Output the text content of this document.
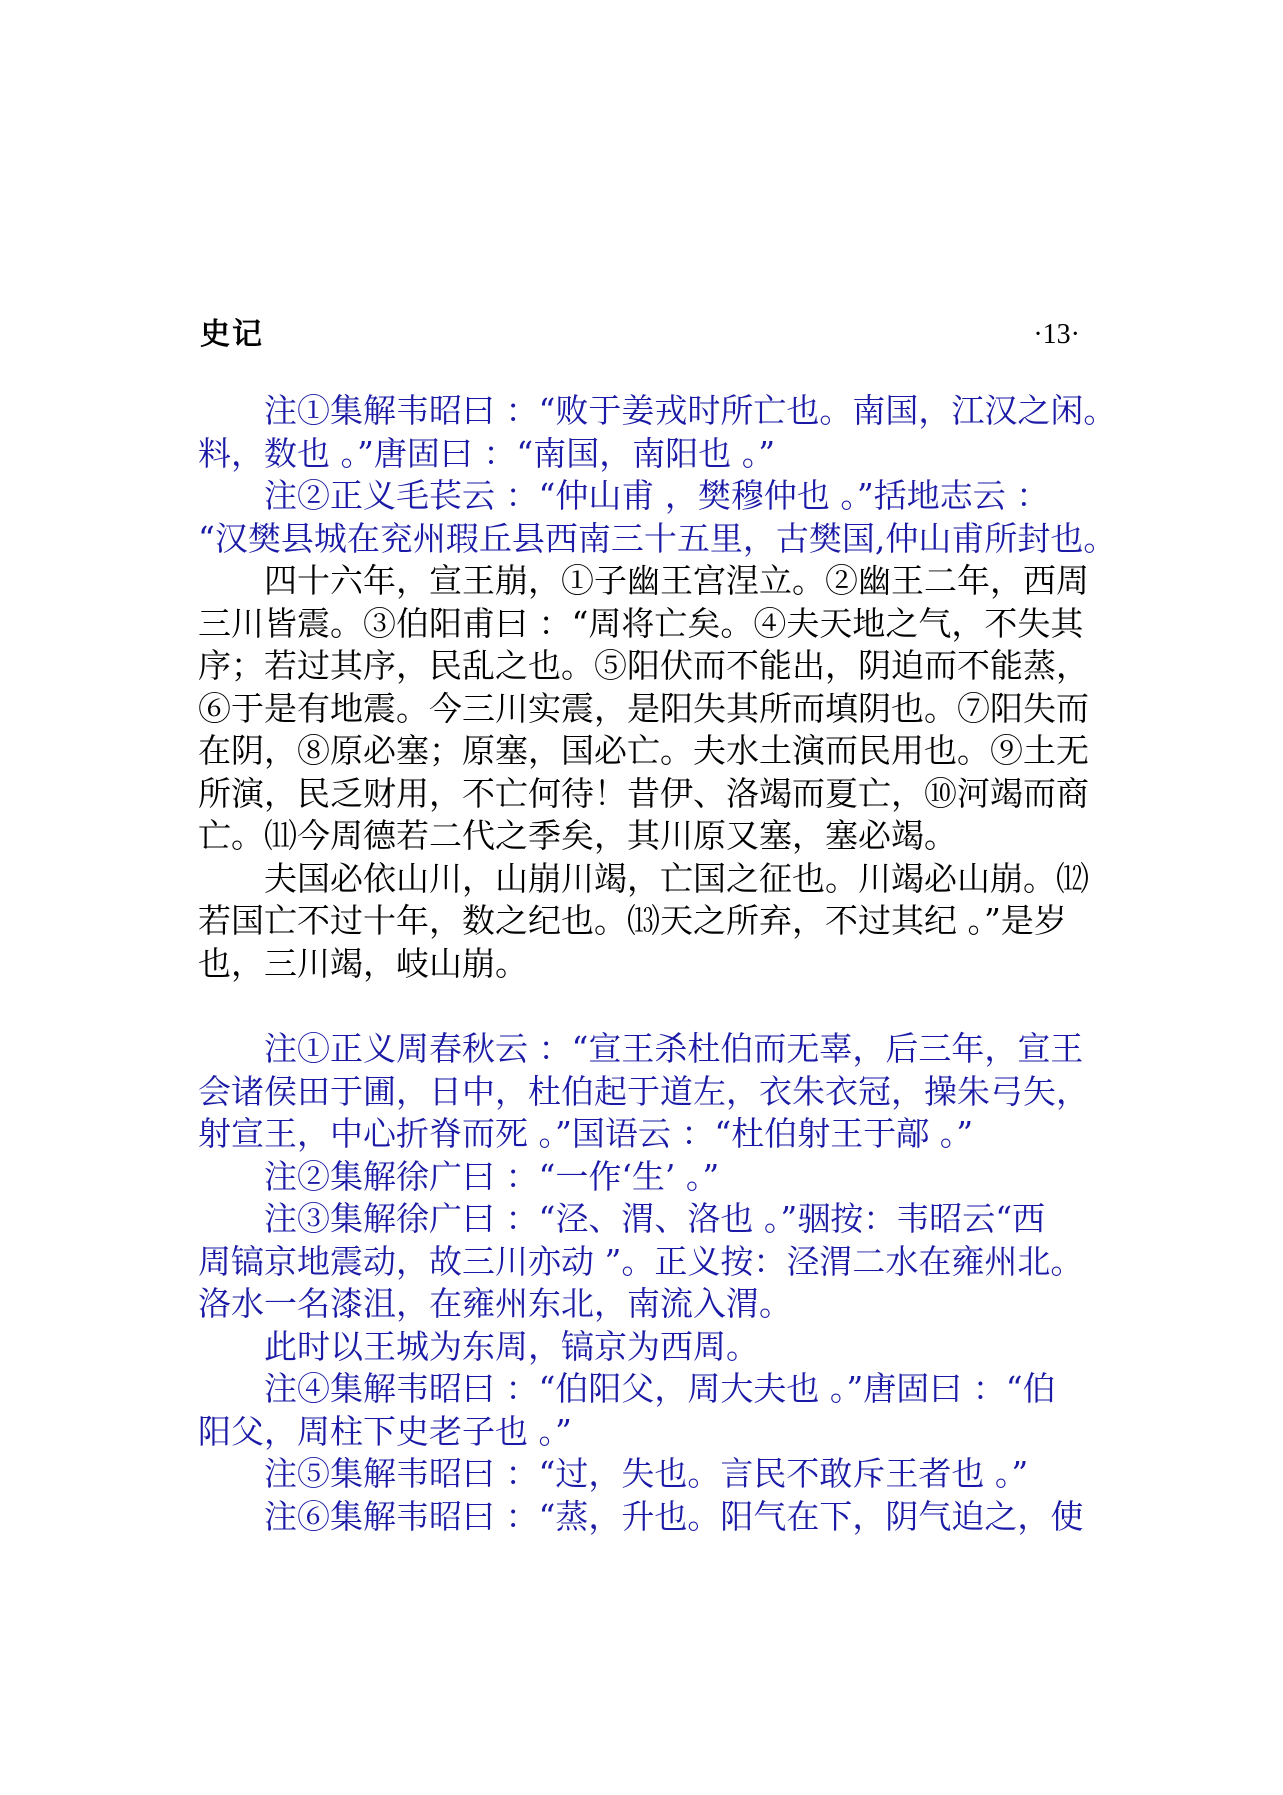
史记	·13·
注①集解韦昭曰 ：“败于姜戎时所亡也。南国，江汉之闲。
料，数也 。”唐固曰 ：“南国，南阳也 。”
注②正义毛苌云 ：“仲山甫 ，樊穆仲也 。”括地志云 ：
“汉樊县城在兖州瑕丘县西南三十五里，古樊国,仲山甫所封也。
四十六年，宣王崩，①子幽王宫涅立。②幽王二年，西周
三川皆震。③伯阳甫曰 ：“周将亡矣。④夫天地之气，不失其
序；若过其序，民乱之也。⑤阳伏而不能出，阴迫而不能蒸，
⑥于是有地震。今三川实震，是阳失其所而填阴也。⑦阳失而
在阴，⑧原必塞；原塞，国必亡。夫水土演而民用也。⑨土无
所演，民乏财用，不亡何待！昔伊、洛竭而夏亡，⑩河竭而商
亡。⑾今周德若二代之季矣，其川原又塞，塞必竭。
夫国必依山川，山崩川竭，亡国之征也。川竭必山崩。⑿
若国亡不过十年，数之纪也。⒀天之所弃，不过其纪 。”是岁
也，三川竭，岐山崩。
注①正义周春秋云 ：“宣王杀杜伯而无辜，后三年，宣王
会诸侯田于圃，日中，杜伯起于道左，衣朱衣冠，操朱弓矢，
射宣王，中心折脊而死 。”国语云 ：“杜伯射王于鄗 。”
注②集解徐广曰 ：“一作‘生’ 。”
注③集解徐广曰 ：“泾、渭、洛也 。”骃按：韦昭云“西
周镐京地震动，故三川亦动 ”。正义按：泾渭二水在雍州北。
洛水一名漆沮，在雍州东北，南流入渭。
此时以王城为东周，镐京为西周。
注④集解韦昭曰 ：“伯阳父，周大夫也 。”唐固曰 ：“伯
阳父，周柱下史老子也 。”
注⑤集解韦昭曰 ：“过，失也。言民不敢斥王者也 。”
注⑥集解韦昭曰 ：“蒸，升也。阳气在下，阴气迫之，使
